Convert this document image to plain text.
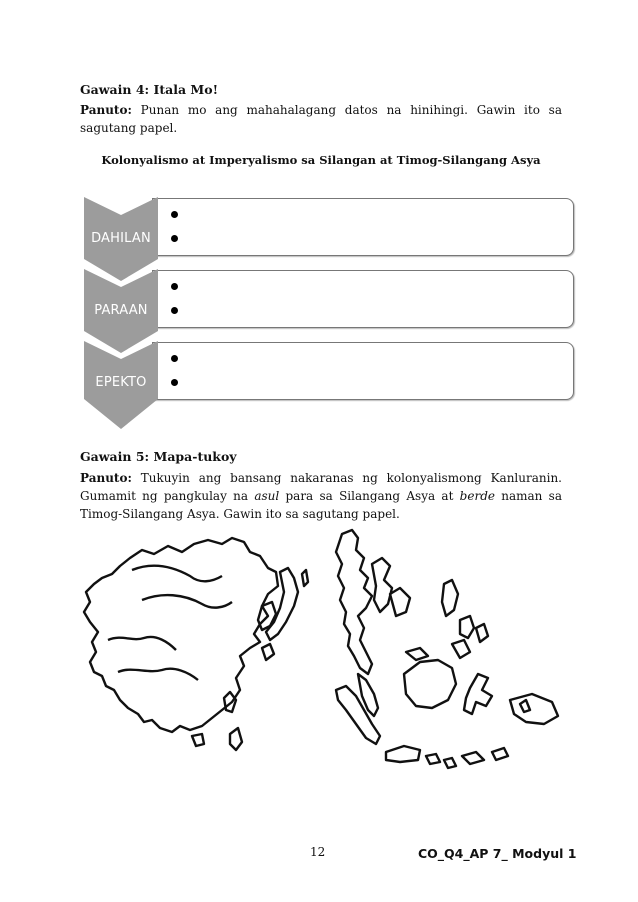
Gawain 4: Itala Mo!
Panuto: Punan mo ang mahahalagang datos na hinihingi. Gawin ito sa sagutang papel.
Kolonyalismo at Imperyalismo sa Silangan at Timog-Silangang Asya
DAHILAN
PARAAN
EPEKTO
Gawain 5: Mapa-tukoy
Panuto: Tukuyin ang bansang nakaranas ng kolonyalismong Kanluranin. Gumamit ng pangkulay na asul para sa Silangang Asya at berde naman sa Timog-Silangang Asya. Gawin ito sa sagutang papel.
12	CO_Q4_AP 7_ Modyul 1
